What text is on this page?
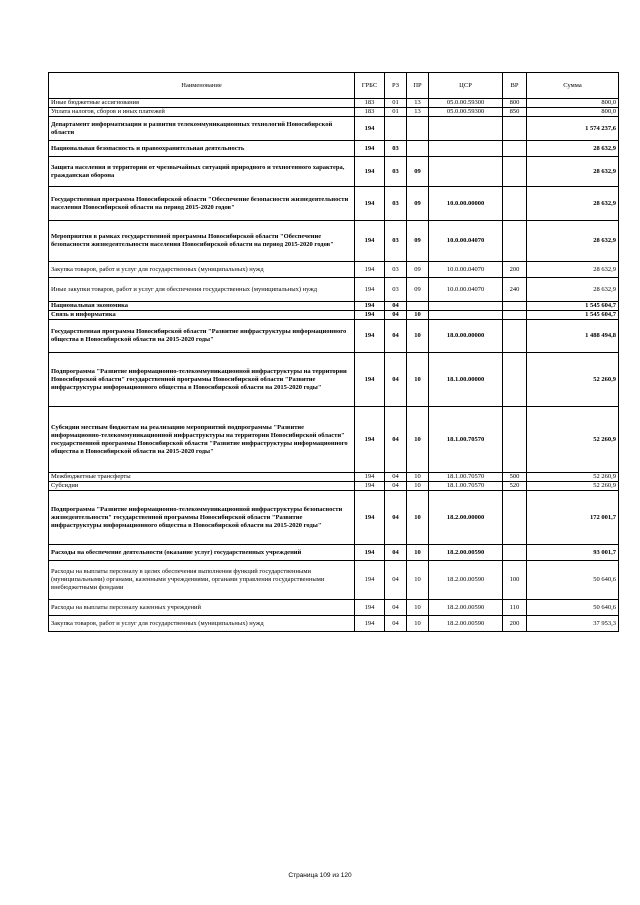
Наименование	ГРБС	РЗ	ПР	ЦСР	ВР	Сумма
Иные бюджетные ассигнования	183	01	13	05.0.00.59300	800	800,0
Уплата налогов, сборов и иных платежей	183	01	13	05.0.00.59300	850	800,0
Департамент информатизации и развития телекоммуникационных технологий Новосибирской области	194					1 574 237,6
Национальная безопасность и правоохранительная деятельность	194	03				28 632,9
Защита населения и территории от чрезвычайных ситуаций природного и техногенного характера, гражданская оборона	194	03	09			28 632,9
Государственная программа Новосибирской области "Обеспечение безопасности жизнедеятельности населения Новосибирской области на период 2015-2020 годов"	194	03	09	10.0.00.00000		28 632,9
Мероприятия в рамках государственной программы Новосибирской области "Обеспечение безопасности жизнедеятельности населения Новосибирской области на период 2015-2020 годов"	194	03	09	10.0.00.04070		28 632,9
Закупка товаров, работ и услуг для государственных (муниципальных) нужд	194	03	09	10.0.00.04070	200	28 632,9
Иные закупки товаров, работ и услуг для обеспечения государственных (муниципальных) нужд	194	03	09	10.0.00.04070	240	28 632,9
Национальная экономика	194	04				1 545 604,7
Связь и информатика	194	04	10			1 545 604,7
Государственная программа Новосибирской области "Развитие инфраструктуры информационного общества в Новосибирской области на 2015-2020 годы"	194	04	10	18.0.00.00000		1 488 494,8
Подпрограмма "Развитие информационно-телекоммуникационной инфраструктуры на территории Новосибирской области" государственной программы Новосибирской области "Развитие инфраструктуры информационного общества в Новосибирской области на 2015-2020 годы"	194	04	10	18.1.00.00000		52 260,9
Субсидии местным бюджетам на реализацию мероприятий подпрограммы "Развитие информационно-телекоммуникационной инфраструктуры на территории Новосибирской области" государственной программы Новосибирской области "Развитие инфраструктуры информационного общества в Новосибирской области на 2015-2020 годы"	194	04	10	18.1.00.70570		52 260,9
Межбюджетные трансферты	194	04	10	18.1.00.70570	500	52 260,9
Субсидии	194	04	10	18.1.00.70570	520	52 260,9
Подпрограмма "Развитие информационно-телекоммуникационной инфраструктуры безопасности жизнедеятельности" государственной программы Новосибирской области "Развитие инфраструктуры информационного общества в Новосибирской области на 2015-2020 годы"	194	04	10	18.2.00.00000		172 001,7
Расходы на обеспечение деятельности (оказание услуг) государственных учреждений	194	04	10	18.2.00.00590		93 001,7
Расходы на выплаты персоналу в целях обеспечения выполнения функций государственными (муниципальными) органами, казенными учреждениями, органами управления государственными внебюджетными фондами	194	04	10	18.2.00.00590	100	50 640,6
Расходы на выплаты персоналу казенных учреждений	194	04	10	18.2.00.00590	110	50 640,6
Закупка товаров, работ и услуг для государственных (муниципальных) нужд	194	04	10	18.2.00.00590	200	37 953,3
Страница 109 из 120
